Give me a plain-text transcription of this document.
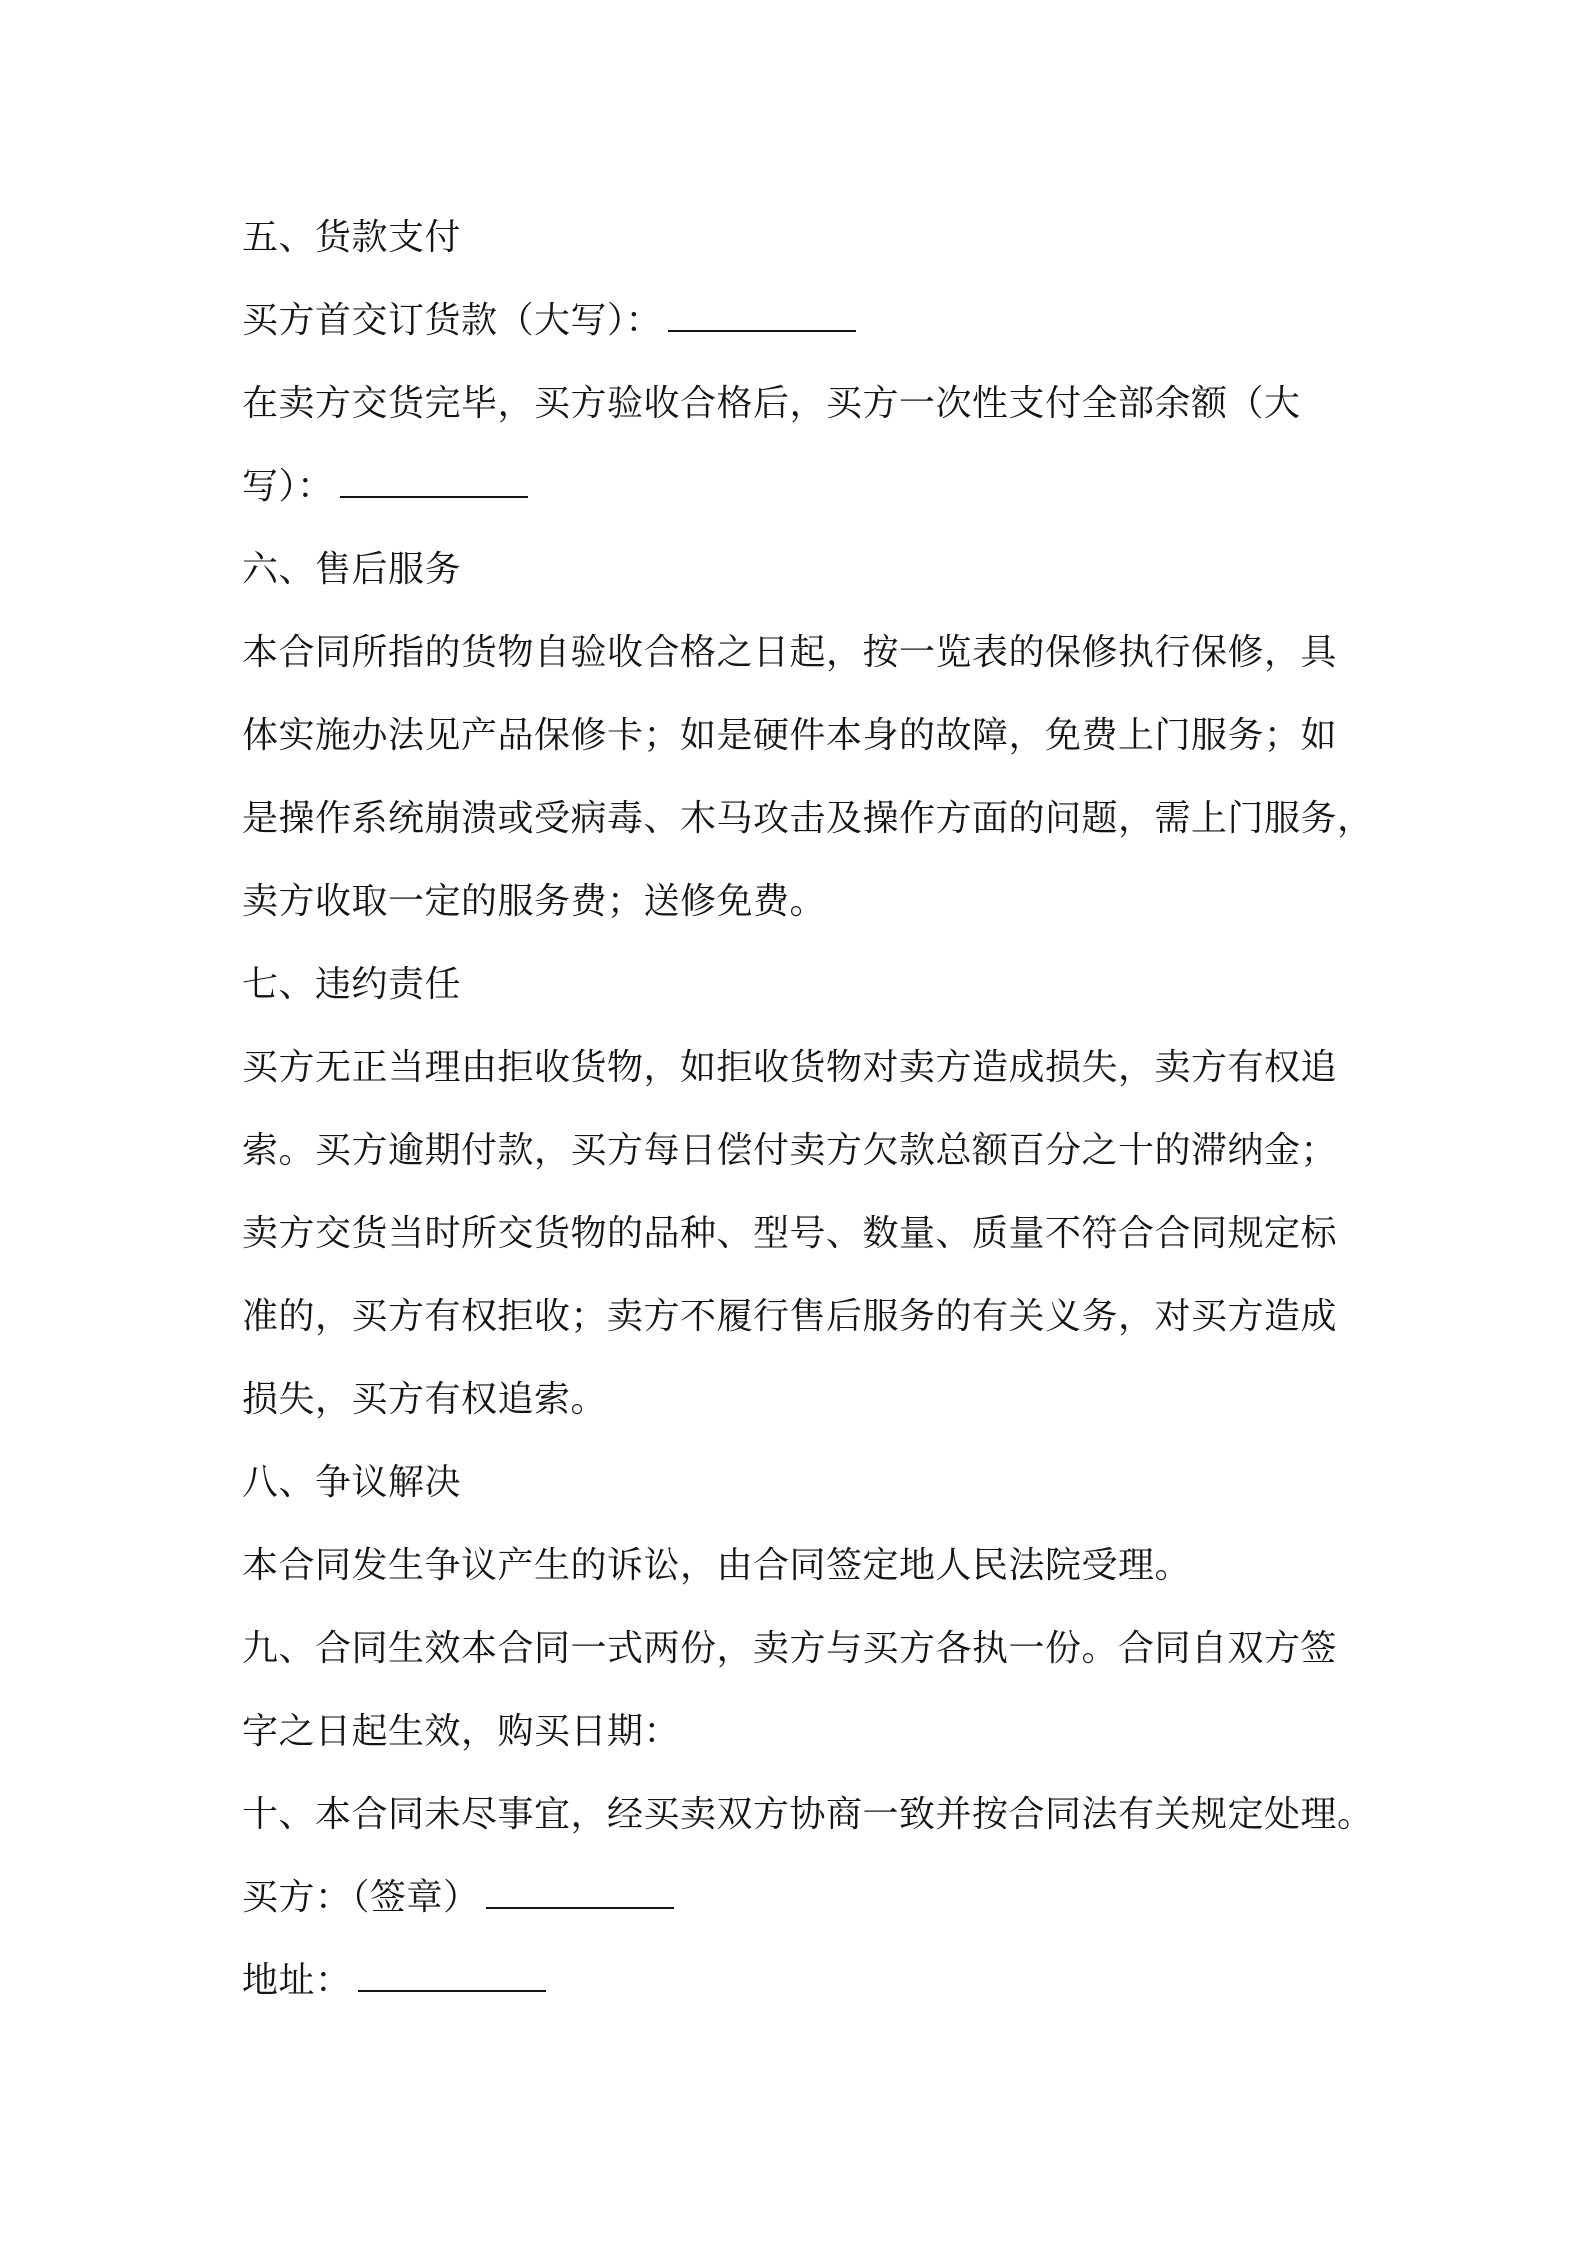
五、货款支付
买方首交订货款（大写）：
在卖方交货完毕，买方验收合格后，买方一次性支付全部余额（大
写）：
六、售后服务
本合同所指的货物自验收合格之日起，按一览表的保修执行保修，具
体实施办法见产品保修卡；如是硬件本身的故障，免费上门服务；如
是操作系统崩溃或受病毒、木马攻击及操作方面的问题，需上门服务，
卖方收取一定的服务费；送修免费。
七、违约责任
买方无正当理由拒收货物，如拒收货物对卖方造成损失，卖方有权追
索。买方逾期付款，买方每日偿付卖方欠款总额百分之十的滞纳金；
卖方交货当时所交货物的品种、型号、数量、质量不符合合同规定标
准的，买方有权拒收；卖方不履行售后服务的有关义务，对买方造成
损失，买方有权追索。
八、争议解决
本合同发生争议产生的诉讼，由合同签定地人民法院受理。
九、合同生效本合同一式两份，卖方与买方各执一份。合同自双方签
字之日起生效，购买日期：
十、本合同未尽事宜，经买卖双方协商一致并按合同法有关规定处理。
买方：（签章）
地址：
